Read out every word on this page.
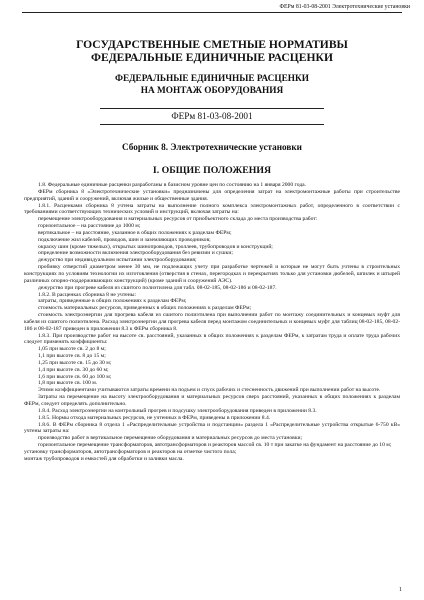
ФЕРм 81-03-08-2001 Электротехнические установки
ГОСУДАРСТВЕННЫЕ СМЕТНЫЕ НОРМАТИВЫ
ФЕДЕРАЛЬНЫЕ ЕДИНИЧНЫЕ РАСЦЕНКИ
ФЕДЕРАЛЬНЫЕ ЕДИНИЧНЫЕ РАСЦЕНКИ
НА МОНТАЖ ОБОРУДОВАНИЯ
ФЕРм 81-03-08-2001
Сборник 8. Электротехнические установки
I. ОБЩИЕ ПОЛОЖЕНИЯ

1.8. Федеральные единичные расценки разработаны в базисном уровне цен по состоянию на 1 января 2000 года.

ФЕРм сборника 8 «Электротехнические установки» предназначены для определения затрат на электромонтажные работы при строительстве предприятий, зданий и сооружений, включая жилые и общественные здания.

1.8.1. Расценками сборника 8 учтена затраты на выполнение полного комплекса электромонтажных работ, определенного в соответствии с требованиями соответствующих технических условий и инструкций, включая затраты на:

перемещение электрооборудования и материальных ресурсов от приобъектного склада до места производства работ:

горизонтальное – на расстояние до 1000 м;

вертикальное – на расстояние, указанное в общих положениях к разделам ФЕРм;

подключение жил кабелей, проводов, шин и заземляющих проводников;

окраску шин (кроме тяжелых), открытых шинопроводов, троллеев, трубопроводов и конструкций;

определение возможности включения электрооборудования без ревизии и сушки;

дежурство при индивидуальном испытании электрооборудования;

пробивку отверстий диаметром менее 30 мм, не подлежащих учету при разработке чертежей и которые не могут быть учтены в строительных конструкциях по условиям технологии их изготовления (отверстия в стенах, перегородках и перекрытиях только для установки дюбелей, шпилек и штырей различных опорно-поддерживающих конструкций) (кроме зданий и сооружений АЭС).

дежурство при прогреве кабеля из сшитого полиэтилена для табл. 08-02-185, 08-02-186 и 08-02-187.

1.8.2. В расценках сборника 8 не учтены:

затраты, приведенные в общих положениях к разделам ФЕРм;

стоимость материальных ресурсов, приведенных в общих положениях к разделам ФЕРм;

стоимость электроэнергии для прогрева кабеля из сшитого полиэтилена при выполнении работ по монтажу соединительных и концевых муфт для кабеля из сшитого полиэтилена. Расход электроэнергии для прогрева кабеля перед монтажом соединительных и концевых муфт для таблиц 08-02-185, 08-02-186 и 08-02-187 приведен в приложении 8.3 к ФЕРм сборника 8.

1.8.3. При производстве работ на высоте св. расстояний, указанных в общих положениях к разделам ФЕРм, к затратам труда и оплате труда рабочих следует применять коэффициенты:

1,05 при высоте св. 2 до 8 м;

1,1 при высоте св. 8 до 15 м;

1,25 при высоте св. 15 до 30 м;

1,4 при высоте св. 30 до 60 м;

1,6 при высоте св. 60 до 100 м;

1,8 при высоте св. 100 м.

Этими коэффициентами учитываются затраты времени на подъем и спуск рабочих и стесненность движений при выполнении работ на высоте.

Затраты на перемещение на высоту электрооборудования и материальных ресурсов сверх расстояний, указанных в общих положениях к разделам ФЕРм, следует определять дополнительно.

1.8.4. Расход электроэнергии на контрольный прогрев и подсушку электрооборудования приведен в приложении 8.3.

1.8.5. Нормы отхода материальных ресурсов, не учтенных в ФЕРм, приведены в приложении 8.4.

1.8.6. В ФЕРм сборника 8 отдела 1 «Распределительные устройства и подстанции» раздела 1 «Распределительные устройства открытые 6-750 кВ» учтены затраты на:

производство работ в вертикальное перемещение оборудования и материальных ресурсов до места установки;

горизонтальное перемещение трансформаторов, автотрансформаторов и реакторов массой св. 10 т при закатке на фундамент на расстояние до 10 м;

установку трансформаторов, автотрансформаторов и реакторов на отметке чистого пола;

монтаж трубопроводов и емкостей для обработки и заливки масла.

1
